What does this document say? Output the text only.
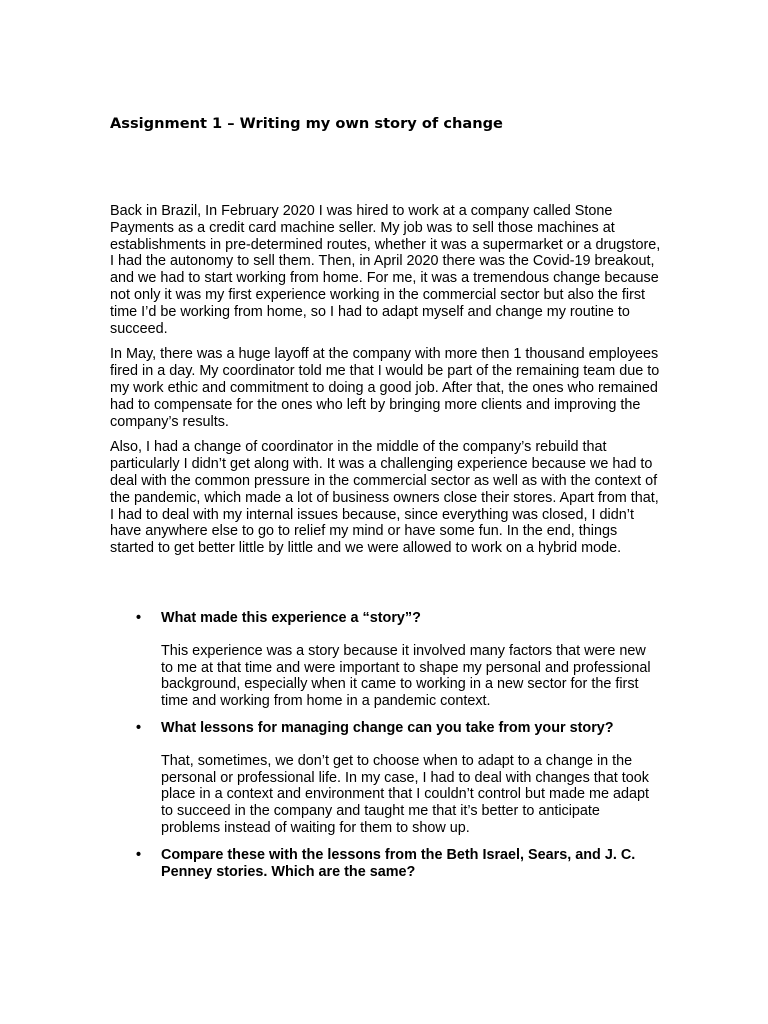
Assignment 1 – Writing my own story of change

Back in Brazil, In February 2020 I was hired to work at a company called Stone Payments as a credit card machine seller. My job was to sell those machines at establishments in pre-determined routes, whether it was a supermarket or a drugstore, I had the autonomy to sell them. Then, in April 2020 there was the Covid-19 breakout, and we had to start working from home. For me, it was a tremendous change because not only it was my first experience working in the commercial sector but also the first time I’d be working from home, so I had to adapt myself and change my routine to succeed.

In May, there was a huge layoff at the company with more then 1 thousand employees fired in a day. My coordinator told me that I would be part of the remaining team due to my work ethic and commitment to doing a good job. After that, the ones who remained had to compensate for the ones who left by bringing more clients and improving the company’s results.

Also, I had a change of coordinator in the middle of the company’s rebuild that particularly I didn’t get along with. It was a challenging experience because we had to deal with the common pressure in the commercial sector as well as with the context of the pandemic, which made a lot of business owners close their stores. Apart from that, I had to deal with my internal issues because, since everything was closed, I didn’t have anywhere else to go to relief my mind or have some fun. In the end, things started to get better little by little and we were allowed to work on a hybrid mode.

• What made this experience a “story”?

This experience was a story because it involved many factors that were new to me at that time and were important to shape my personal and professional background, especially when it came to working in a new sector for the first time and working from home in a pandemic context.

• What lessons for managing change can you take from your story?

That, sometimes, we don’t get to choose when to adapt to a change in the personal or professional life. In my case, I had to deal with changes that took place in a context and environment that I couldn’t control but made me adapt to succeed in the company and taught me that it’s better to anticipate problems instead of waiting for them to show up.

• Compare these with the lessons from the Beth Israel, Sears, and J. C. Penney stories. Which are the same?
